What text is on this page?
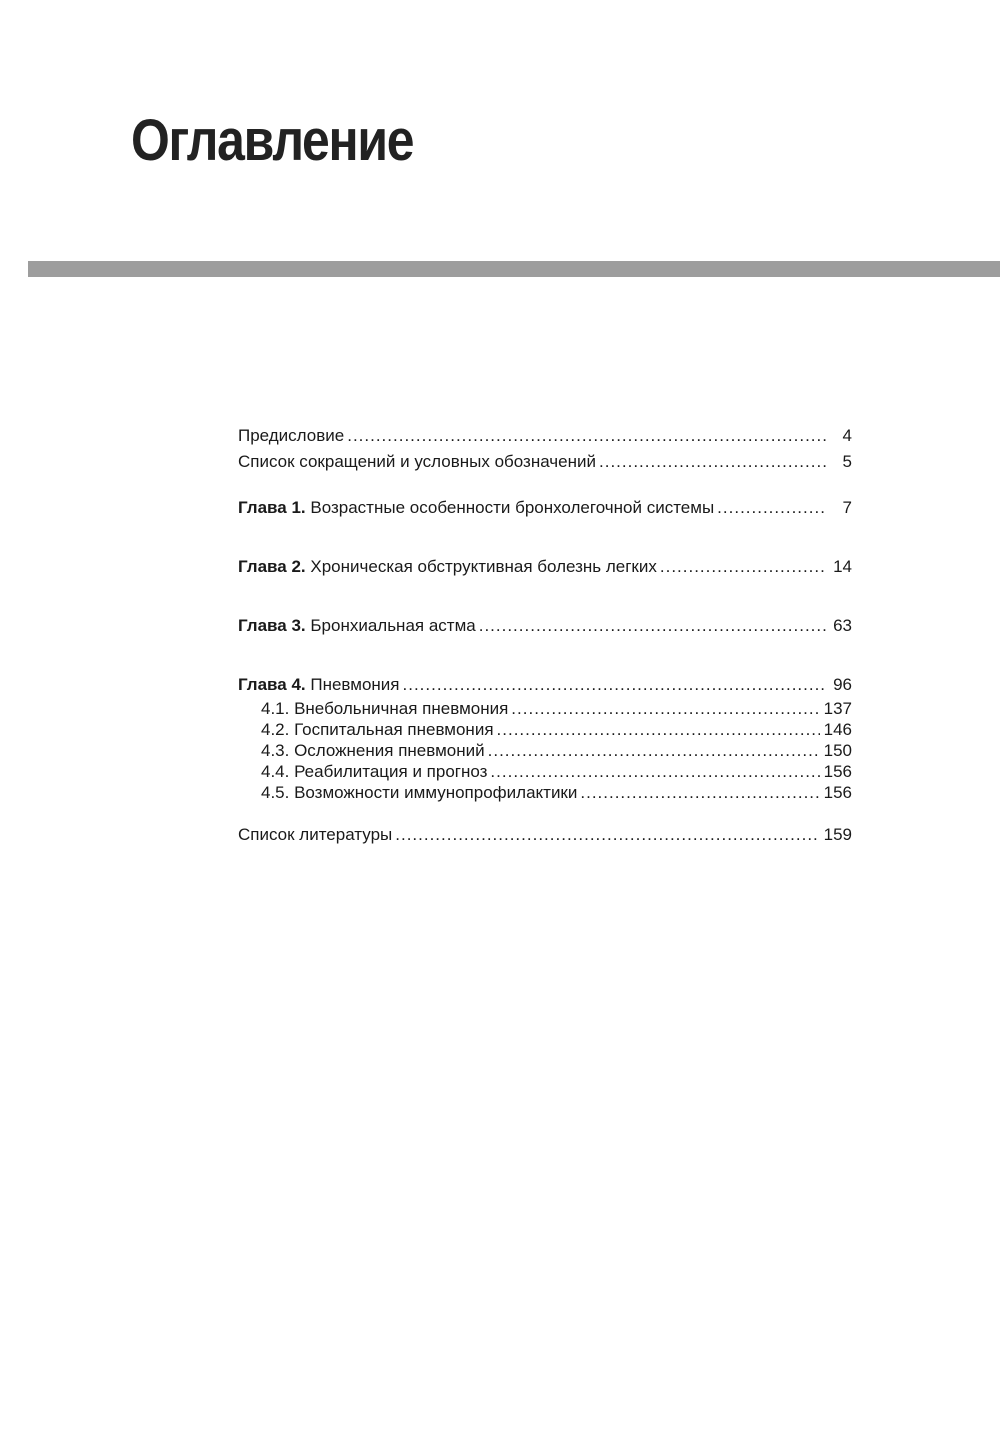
Оглавление
Предисловие .....	4
Список сокращений и условных обозначений .....	5
Глава 1. Возрастные особенности бронхолегочной системы .....	7
Глава 2. Хроническая обструктивная болезнь легких .....	14
Глава 3. Бронхиальная астма .....	63
Глава 4. Пневмония .....	96
4.1. Внебольничная пневмония .....	137
4.2. Госпитальная пневмония .....	146
4.3. Осложнения пневмоний .....	150
4.4. Реабилитация и прогноз .....	156
4.5. Возможности иммунопрофилактики .....	156
Список литературы .....	159
